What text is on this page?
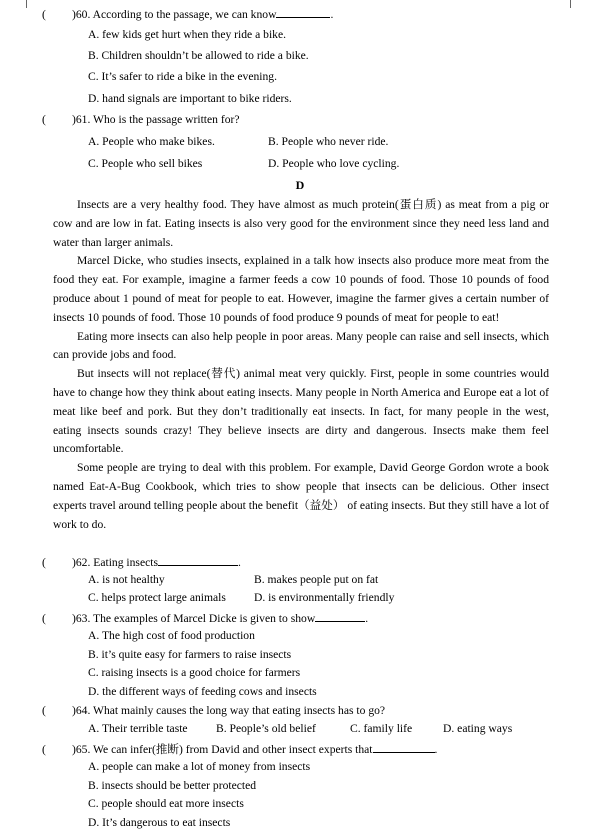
( )60. According to the passage, we can know	.
A. few kids get hurt when they ride a bike.
B. Children shouldn’t be allowed to ride a bike.
C. It’s safer to ride a bike in the evening.
D. hand signals are important to bike riders.
( )61. Who is the passage written for?
A. People who make bikes.	B. People who never ride.
C. People who sell bikes	D. People who love cycling.
D

Insects are a very healthy food. They have almost as much protein(蛋白质) as meat from a pig or cow and are low in fat. Eating insects is also very good for the environment since they need less land and water than larger animals.

Marcel Dicke, who studies insects, explained in a talk how insects also produce more meat from the food they eat. For example, imagine a farmer feeds a cow 10 pounds of food. Those 10 pounds of food produce about 1 pound of meat for people to eat. However, imagine the farmer gives a certain number of insects 10 pounds of food. Those 10 pounds of food produce 9 pounds of meat for people to eat!

Eating more insects can also help people in poor areas. Many people can raise and sell insects, which can provide jobs and food.

But insects will not replace(替代) animal meat very quickly. First, people in some countries would have to change how they think about eating insects. Many people in North America and Europe eat a lot of meat like beef and pork. But they don’t traditionally eat insects. In fact, for many people in the west, eating insects sounds crazy! They believe insects are dirty and dangerous. Insects make them feel uncomfortable.

Some people are trying to deal with this problem. For example, David George Gordon wrote a book named Eat-A-Bug Cookbook, which tries to show people that insects can be delicious. Other insect experts travel around telling people about the benefit（益处） of eating insects. But they still have a lot of work to do.

( )62. Eating insects	.
A. is not healthy	B. makes people put on fat
C. helps protect large animals D. is environmentally friendly
( )63. The examples of Marcel Dicke is given to show	.
A. The high cost of food production
B. it’s quite easy for farmers to raise insects
C. raising insects is a good choice for farmers
D. the different ways of feeding cows and insects
( )64. What mainly causes the long way that eating insects has to go?
A. Their terrible taste B. People’s old belief	C. family life	D. eating ways
( )65. We can infer(推断) from David and other insect experts that	.
A. people can make a lot of money from insects
B. insects should be better protected
C. people should eat more insects
D. It’s dangerous to eat insects
